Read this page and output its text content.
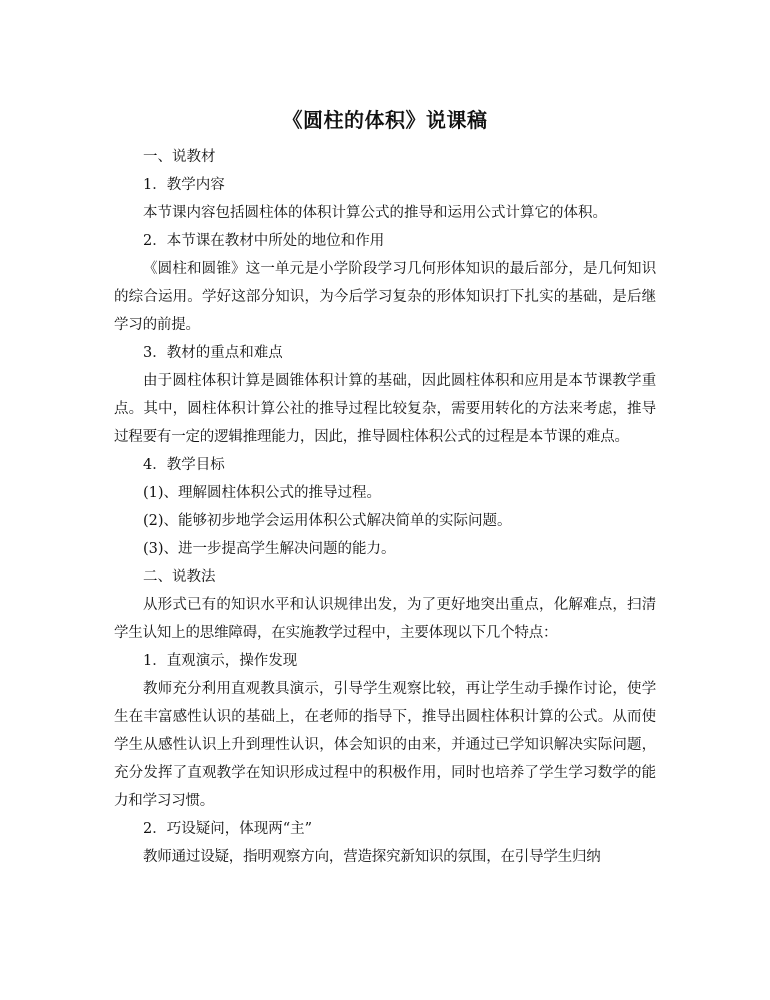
《圆柱的体积》说课稿

一、说教材

1．教学内容

本节课内容包括圆柱体的体积计算公式的推导和运用公式计算它的体积。

2．本节课在教材中所处的地位和作用

《圆柱和圆锥》这一单元是小学阶段学习几何形体知识的最后部分，是几何知识的综合运用。学好这部分知识，为今后学习复杂的形体知识打下扎实的基础，是后继学习的前提。

3．教材的重点和难点

由于圆柱体积计算是圆锥体积计算的基础，因此圆柱体积和应用是本节课教学重点。其中，圆柱体积计算公社的推导过程比较复杂，需要用转化的方法来考虑，推导过程要有一定的逻辑推理能力，因此，推导圆柱体积公式的过程是本节课的难点。

4．教学目标

(1)、理解圆柱体积公式的推导过程。

(2)、能够初步地学会运用体积公式解决简单的实际问题。

(3)、进一步提高学生解决问题的能力。

二、说教法

从形式已有的知识水平和认识规律出发，为了更好地突出重点，化解难点，扫清学生认知上的思维障碍，在实施教学过程中，主要体现以下几个特点：

1．直观演示，操作发现

教师充分利用直观教具演示，引导学生观察比较，再让学生动手操作讨论，使学生在丰富感性认识的基础上，在老师的指导下，推导出圆柱体积计算的公式。从而使学生从感性认识上升到理性认识，体会知识的由来，并通过已学知识解决实际问题，充分发挥了直观教学在知识形成过程中的积极作用，同时也培养了学生学习数学的能力和学习习惯。

2．巧设疑问，体现两“主”

教师通过设疑，指明观察方向，营造探究新知识的氛围，在引导学生归纳
